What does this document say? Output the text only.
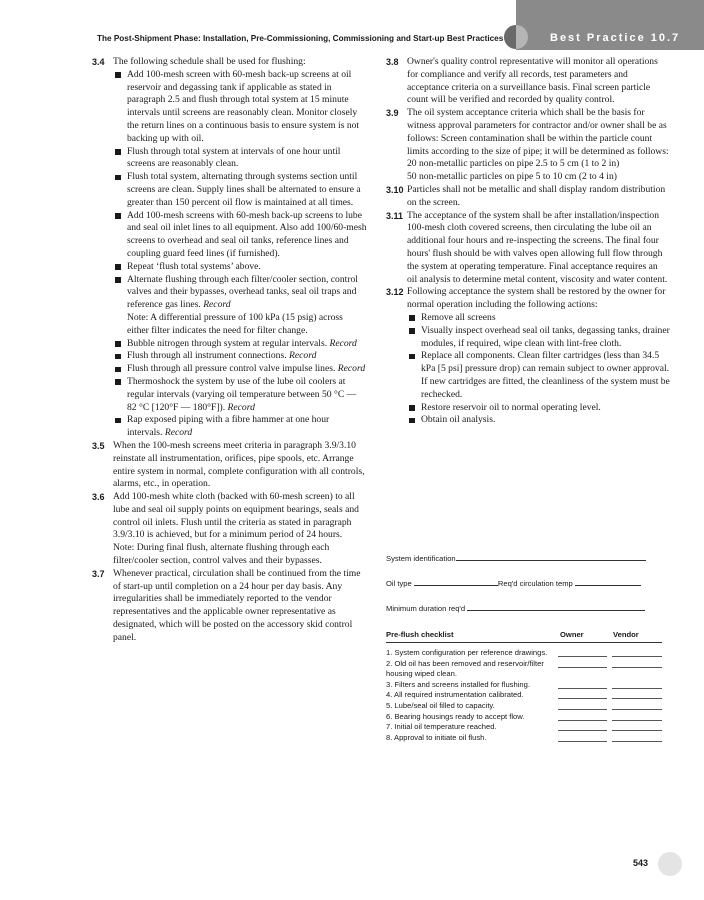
The Post-Shipment Phase: Installation, Pre-Commissioning, Commissioning and Start-up Best Practices	Best Practice 10.7
3.4 The following schedule shall be used for flushing:
Add 100-mesh screen with 60-mesh back-up screens at oil reservoir and degassing tank if applicable as stated in paragraph 2.5 and flush through total system at 15 minute intervals until screens are reasonably clean. Monitor closely the return lines on a continuous basis to ensure system is not backing up with oil.
Flush through total system at intervals of one hour until screens are reasonably clean.
Flush total system, alternating through systems section until screens are clean. Supply lines shall be alternated to ensure a greater than 150 percent oil flow is maintained at all times.
Add 100-mesh screens with 60-mesh back-up screens to lube and seal oil inlet lines to all equipment. Also add 100/60-mesh screens to overhead and seal oil tanks, reference lines and coupling guard feed lines (if furnished).
Repeat ‘flush total systems’ above.
Alternate flushing through each filter/cooler section, control valves and their bypasses, overhead tanks, seal oil traps and reference gas lines. Record
Note: A differential pressure of 100 kPa (15 psig) across either filter indicates the need for filter change.
Bubble nitrogen through system at regular intervals. Record
Flush through all instrument connections. Record
Flush through all pressure control valve impulse lines. Record
Thermoshock the system by use of the lube oil coolers at regular intervals (varying oil temperature between 50 °C — 82 °C [120°F — 180°F]). Record
Rap exposed piping with a fibre hammer at one hour intervals. Record
3.5 When the 100-mesh screens meet criteria in paragraph 3.9/3.10 reinstate all instrumentation, orifices, pipe spools, etc. Arrange entire system in normal, complete configuration with all controls, alarms, etc., in operation.
3.6 Add 100-mesh white cloth (backed with 60-mesh screen) to all lube and seal oil supply points on equipment bearings, seals and control oil inlets. Flush until the criteria as stated in paragraph 3.9/3.10 is achieved, but for a minimum period of 24 hours.
Note: During final flush, alternate flushing through each filter/cooler section, control valves and their bypasses.
3.7 Whenever practical, circulation shall be continued from the time of start-up until completion on a 24 hour per day basis. Any irregularities shall be immediately reported to the vendor representatives and the applicable owner representative as designated, which will be posted on the accessory skid control panel.
3.8 Owner's quality control representative will monitor all operations for compliance and verify all records, test parameters and acceptance criteria on a surveillance basis. Final screen particle count will be verified and recorded by quality control.
3.9 The oil system acceptance criteria which shall be the basis for witness approval parameters for contractor and/or owner shall be as follows: Screen contamination shall be within the particle count limits according to the size of pipe; it will be determined as follows:
20 non-metallic particles on pipe 2.5 to 5 cm (1 to 2 in)
50 non-metallic particles on pipe 5 to 10 cm (2 to 4 in)
3.10 Particles shall not be metallic and shall display random distribution on the screen.
3.11 The acceptance of the system shall be after installation/inspection 100-mesh cloth covered screens, then circulating the lube oil an additional four hours and re-inspecting the screens. The final four hours' flush should be with valves open allowing full flow through the system at operating temperature. Final acceptance requires an oil analysis to determine metal content, viscosity and water content.
3.12 Following acceptance the system shall be restored by the owner for normal operation including the following actions:
Remove all screens
Visually inspect overhead seal oil tanks, degassing tanks, drainer modules, if required, wipe clean with lint-free cloth.
Replace all components. Clean filter cartridges (less than 34.5 kPa [5 psi] pressure drop) can remain subject to owner approval. If new cartridges are fitted, the cleanliness of the system must be rechecked.
Restore reservoir oil to normal operating level.
Obtain oil analysis.
System identification
Oil type	Req'd circulation temp
Minimum duration req'd
Pre-flush checklist	Owner	Vendor
1. System configuration per reference drawings.
2. Old oil has been removed and reservoir/filter housing wiped clean.
3. Filters and screens installed for flushing.
4. All required instrumentation calibrated.
5. Lube/seal oil filled to capacity.
6. Bearing housings ready to accept flow.
7. Initial oil temperature reached.
8. Approval to initiate oil flush.
543
